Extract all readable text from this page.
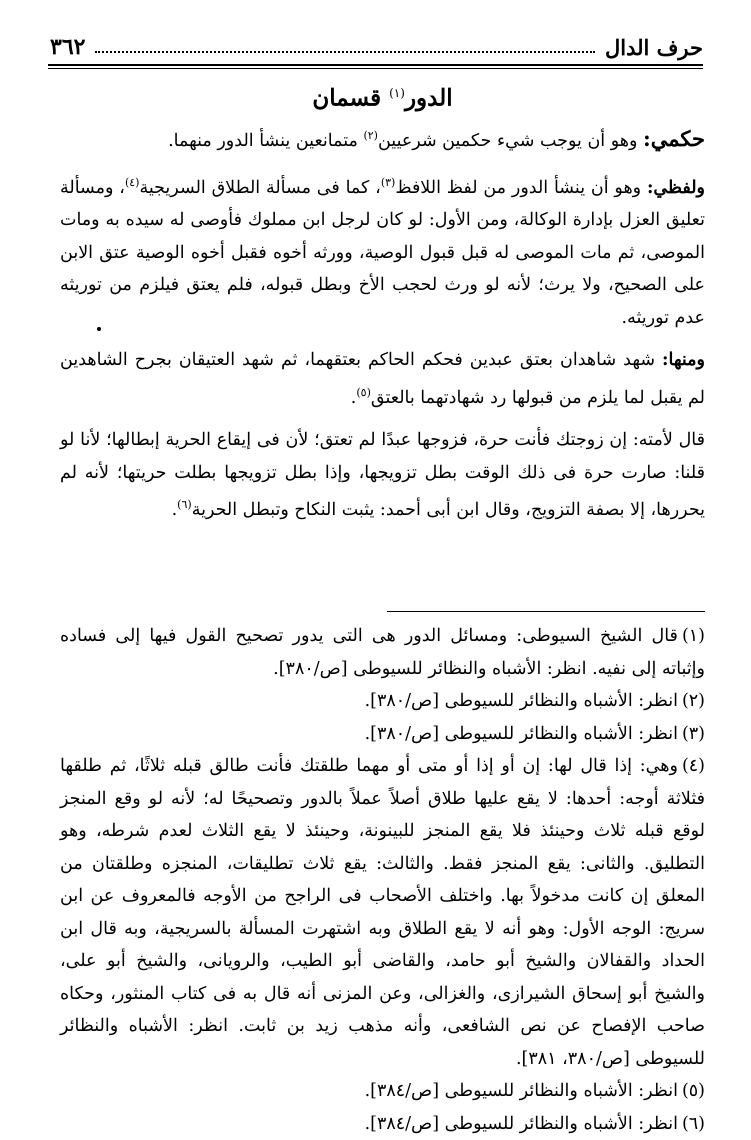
حرف الدال
٣٦٢
الدور$^{(١)}$ قسمان

حكمي: وهو أن يوجب شيء حكمين شرعيين$^{(٢)}$ متمانعين ينشأ الدور منهما.

ولفظي: وهو أن ينشأ الدور من لفظ اللافظ$^{(٣)}$، كما فى مسألة الطلاق السريجية$^{(٤)}$، ومسألة تعليق العزل بإدارة الوكالة، ومن الأول: لو كان لرجل ابن مملوك فأوصى له سيده به ومات الموصى، ثم مات الموصى له قبل قبول الوصية، وورثه أخوه فقبل أخوه الوصية عتق الابن على الصحيح، ولا يرث؛ لأنه لو ورث لحجب الأخ وبطل قبوله، فلم يعتق فيلزم من توريثه عدم توريثه.

ومنها: شهد شاهدان بعتق عبدين فحكم الحاكم بعتقهما، ثم شهد العتيقان بجرح الشاهدين لم يقبل لما يلزم من قبولها رد شهادتهما بالعتق$^{(٥)}$.

قال لأمته: إن زوجتك فأنت حرة، فزوجها عبدًا لم تعتق؛ لأن فى إيقاع الحرية إبطالها؛ لأنا لو قلنا: صارت حرة فى ذلك الوقت بطل تزويجها، وإذا بطل تزويجها بطلت حريتها؛ لأنه لم يحررها، إلا بصفة التزويج، وقال ابن أبى أحمد: يثبت النكاح وتبطل الحرية$^{(٦)}$.

(١)قال الشيخ السيوطى: ومسائل الدور هى التى يدور تصحيح القول فيها إلى فساده وإثباته إلى نفيه. انظر: الأشباه والنظائر للسيوطى [ص/٣٨٠].

(٢)انظر: الأشباه والنظائر للسيوطى [ص/٣٨٠].

(٣)انظر: الأشباه والنظائر للسيوطى [ص/٣٨٠].

(٤)وهي: إذا قال لها: إن أو إذا أو متى أو مهما طلقتك فأنت طالق قبله ثلاثًا، ثم طلقها فثلاثة أوجه: أحدها: لا يقع عليها طلاق أصلاً عملاً بالدور وتصحيحًا له؛ لأنه لو وقع المنجز لوقع قبله ثلاث وحينئذ فلا يقع المنجز للبينونة، وحينئذ لا يقع الثلاث لعدم شرطه، وهو التطليق. والثانى: يقع المنجز فقط. والثالث: يقع ثلاث تطليقات، المنجزه وطلقتان من المعلق إن كانت مدخولاً بها. واختلف الأصحاب فى الراجح من الأوجه فالمعروف عن ابن سريج: الوجه الأول: وهو أنه لا يقع الطلاق وبه اشتهرت المسألة بالسريجية، وبه قال ابن الحداد والقفالان والشيخ أبو حامد، والقاضى أبو الطيب، والرويانى، والشيخ أبو على، والشيخ أبو إسحاق الشيرازى، والغزالى، وعن المزنى أنه قال به فى كتاب المنثور، وحكاه صاحب الإفصاح عن نص الشافعى، وأنه مذهب زيد بن ثابت. انظر: الأشباه والنظائر للسيوطى [ص/٣٨٠، ٣٨١].

(٥)انظر: الأشباه والنظائر للسيوطى [ص/٣٨٤].

(٦)انظر: الأشباه والنظائر للسيوطى [ص/٣٨٤].
